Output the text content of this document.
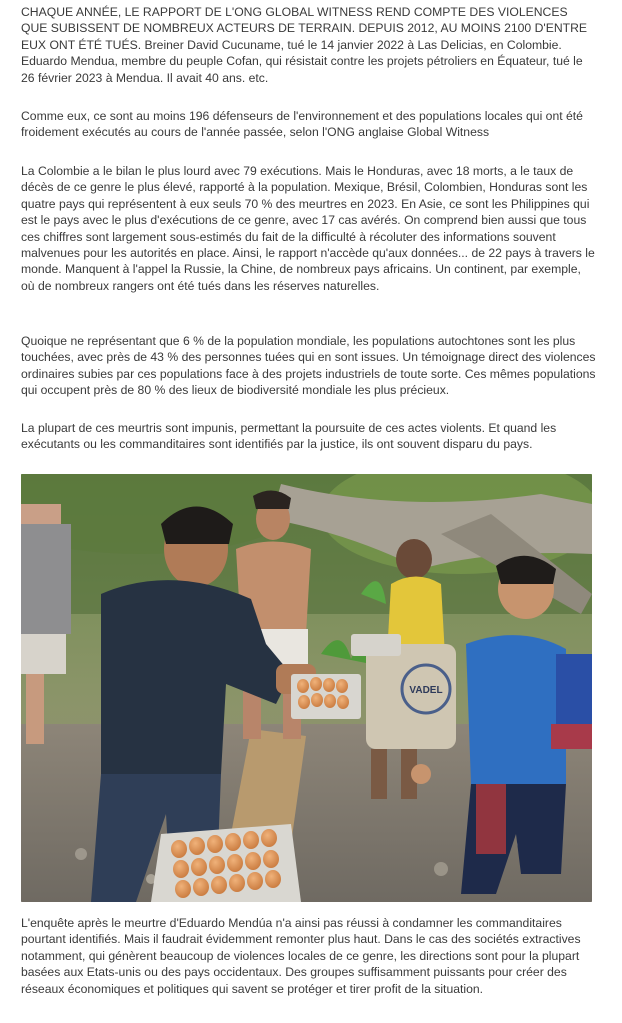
CHAQUE ANNÉE, LE RAPPORT DE L'ONG GLOBAL WITNESS REND COMPTE DES VIOLENCES QUE SUBISSENT DE NOMBREUX ACTEURS DE TERRAIN. DEPUIS 2012, AU MOINS 2100 D'ENTRE EUX ONT ÉTÉ TUÉS. Breiner David Cucuname, tué le 14 janvier 2022 à Las Delicias, en Colombie. Eduardo Mendua, membre du peuple Cofan, qui résistait contre les projets pétroliers en Équateur, tué le 26 février 2023 à Mendua. Il avait 40 ans. etc.

Comme eux, ce sont au moins 196 défenseurs de l'environnement et des populations locales qui ont été froidement exécutés au cours de l'année passée, selon l'ONG anglaise Global Witness

La Colombie a le bilan le plus lourd avec 79 exécutions. Mais le Honduras, avec 18 morts, a le taux de décès de ce genre le plus élevé, rapporté à la population. Mexique, Brésil, Colombien, Honduras sont les quatre pays qui représentent à eux seuls 70 % des meurtres en 2023. En Asie, ce sont les Philippines qui est le pays avec le plus d'exécutions de ce genre, avec 17 cas avérés. On comprend bien aussi que tous ces chiffres sont largement sous-estimés du fait de la difficulté à récoluter des informations souvent malvenues pour les autorités en place. Ainsi, le rapport n'accède qu'aux données... de 22 pays à travers le monde. Manquent à l'appel la Russie, la Chine, de nombreux pays africains. Un continent, par exemple, où de nombreux rangers ont été tués dans les réserves naturelles.

Quoique ne représentant que 6 % de la population mondiale, les populations autochtones sont les plus touchées, avec près de 43 % des personnes tuées qui en sont issues. Un témoignage direct des violences ordinaires subies par ces populations face à des projets industriels de toute sorte. Ces mêmes populations qui occupent près de 80 % des lieux de biodiversité mondiale les plus précieux.

La plupart de ces meurtris sont impunis, permettant la poursuite de ces actes violents. Et quand les exécutants ou les commanditaires sont identifiés par la justice, ils ont souvent disparu du pays.

VADEL

L'enquête après le meurtre d'Eduardo Mendúa n'a ainsi pas réussi à condamner les commanditaires pourtant identifiés. Mais il faudrait évidemment remonter plus haut. Dans le cas des sociétés extractives notamment, qui génèrent beaucoup de violences locales de ce genre, les directions sont pour la plupart basées aux Etats-unis ou des pays occidentaux. Des groupes suffisamment puissants pour créer des réseaux économiques et politiques qui savent se protéger et tirer profit de la situation.
